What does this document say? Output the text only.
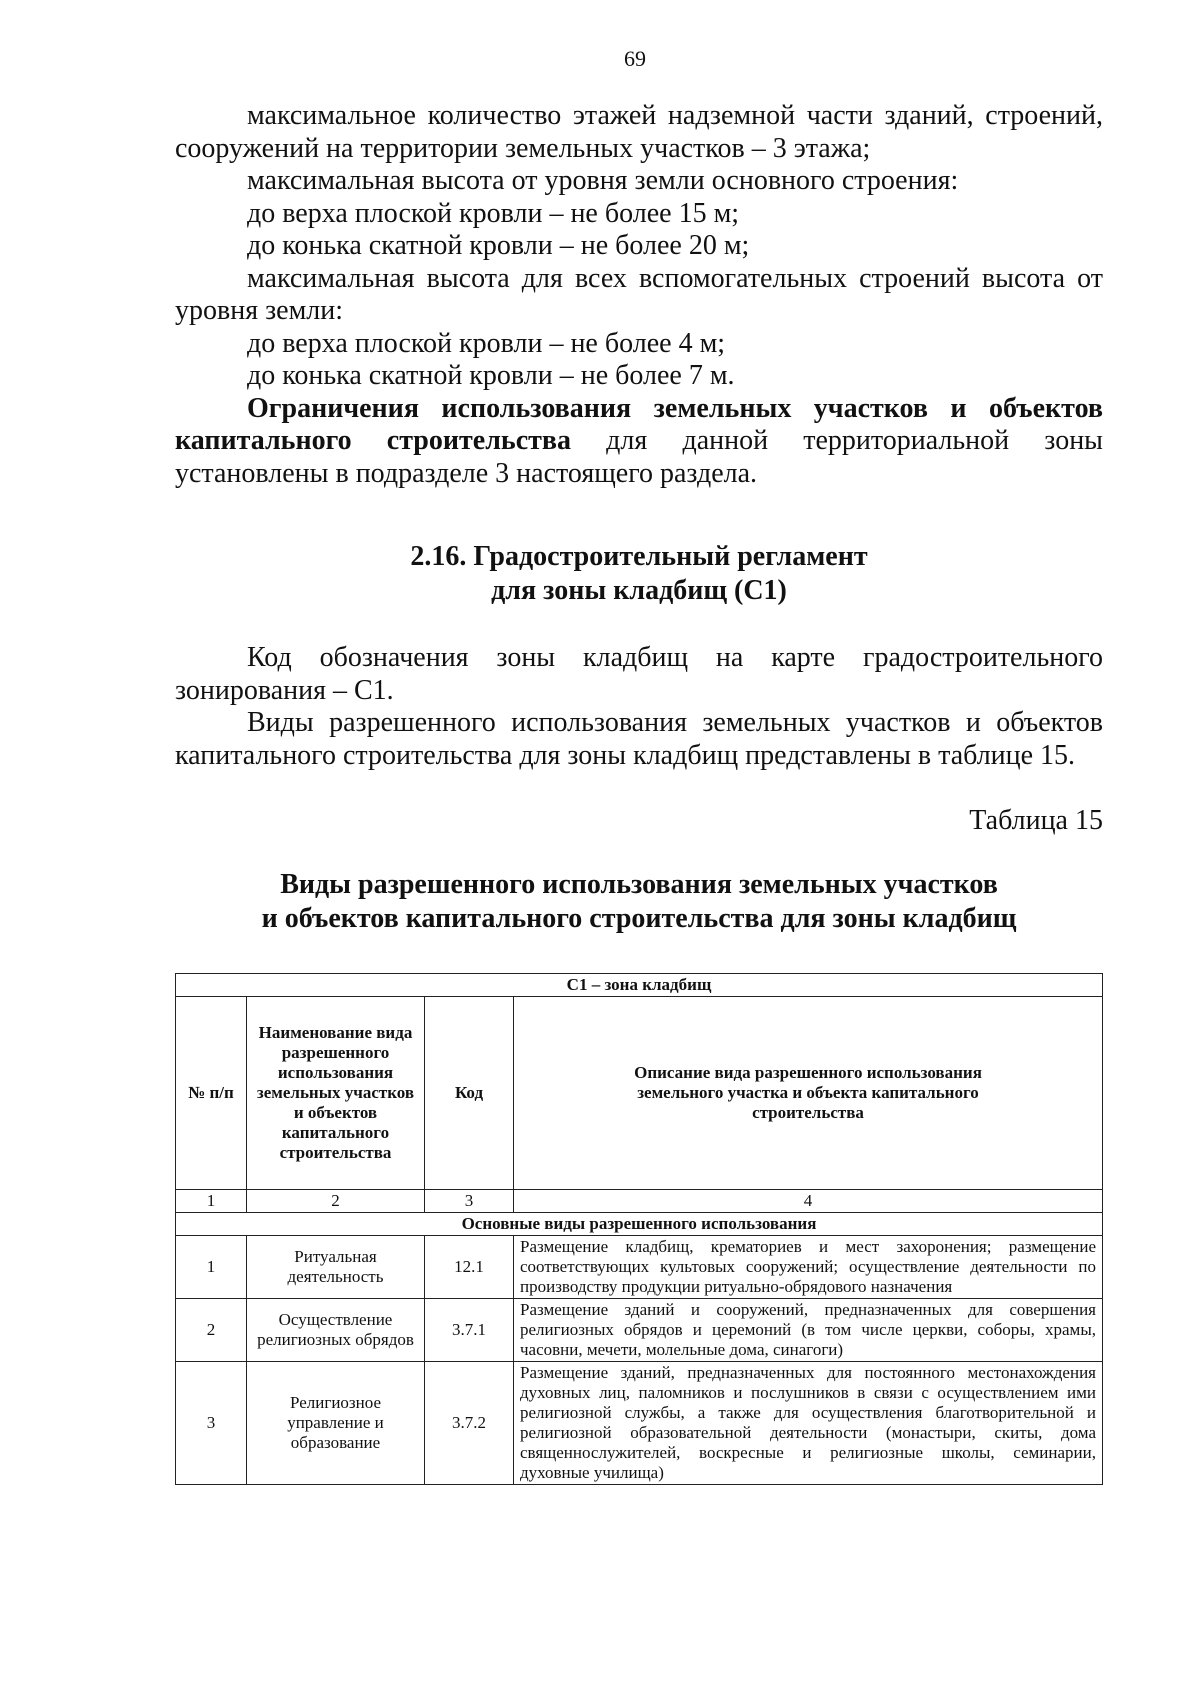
69

максимальное количество этажей надземной части зданий, строений, сооружений на территории земельных участков – 3 этажа;

максимальная высота от уровня земли основного строения:

до верха плоской кровли – не более 15 м;

до конька скатной кровли – не более 20 м;

максимальная высота для всех вспомогательных строений высота от уровня земли:

до верха плоской кровли – не более 4 м;

до конька скатной кровли – не более 7 м.

Ограничения использования земельных участков и объектов капитального строительства для данной территориальной зоны установлены в подразделе 3 настоящего раздела.

2.16. Градостроительный регламент
для зоны кладбищ (С1)

Код обозначения зоны кладбищ на карте градостроительного зонирования – С1.

Виды разрешенного использования земельных участков и объектов капитального строительства для зоны кладбищ представлены в таблице 15.

Таблица 15
Виды разрешенного использования земельных участков
и объектов капитального строительства для зоны кладбищ
С1 – зона кладбищ			
№ п/п	Наименование вида разрешенного использования земельных участков и объектов капитального строительства	Код	Описание вида разрешенного использования земельного участка и объекта капитального строительства
1	2	3	4
Основные виды разрешенного использования			
1	Ритуальная деятельность	12.1	Размещение кладбищ, крематориев и мест захоронения; размещение соответствующих культовых сооружений; осуществление деятельности по производству продукции ритуально-обрядового назначения
2	Осуществление религиозных обрядов	3.7.1	Размещение зданий и сооружений, предназначенных для совершения религиозных обрядов и церемоний (в том числе церкви, соборы, храмы, часовни, мечети, молельные дома, синагоги)
3	Религиозное управление и образование	3.7.2	Размещение зданий, предназначенных для постоянного местонахождения духовных лиц, паломников и послушников в связи с осуществлением ими религиозной службы, а также для осуществления благотворительной и религиозной образовательной деятельности (монастыри, скиты, дома священнослужителей, воскресные и религиозные школы, семинарии, духовные училища)
